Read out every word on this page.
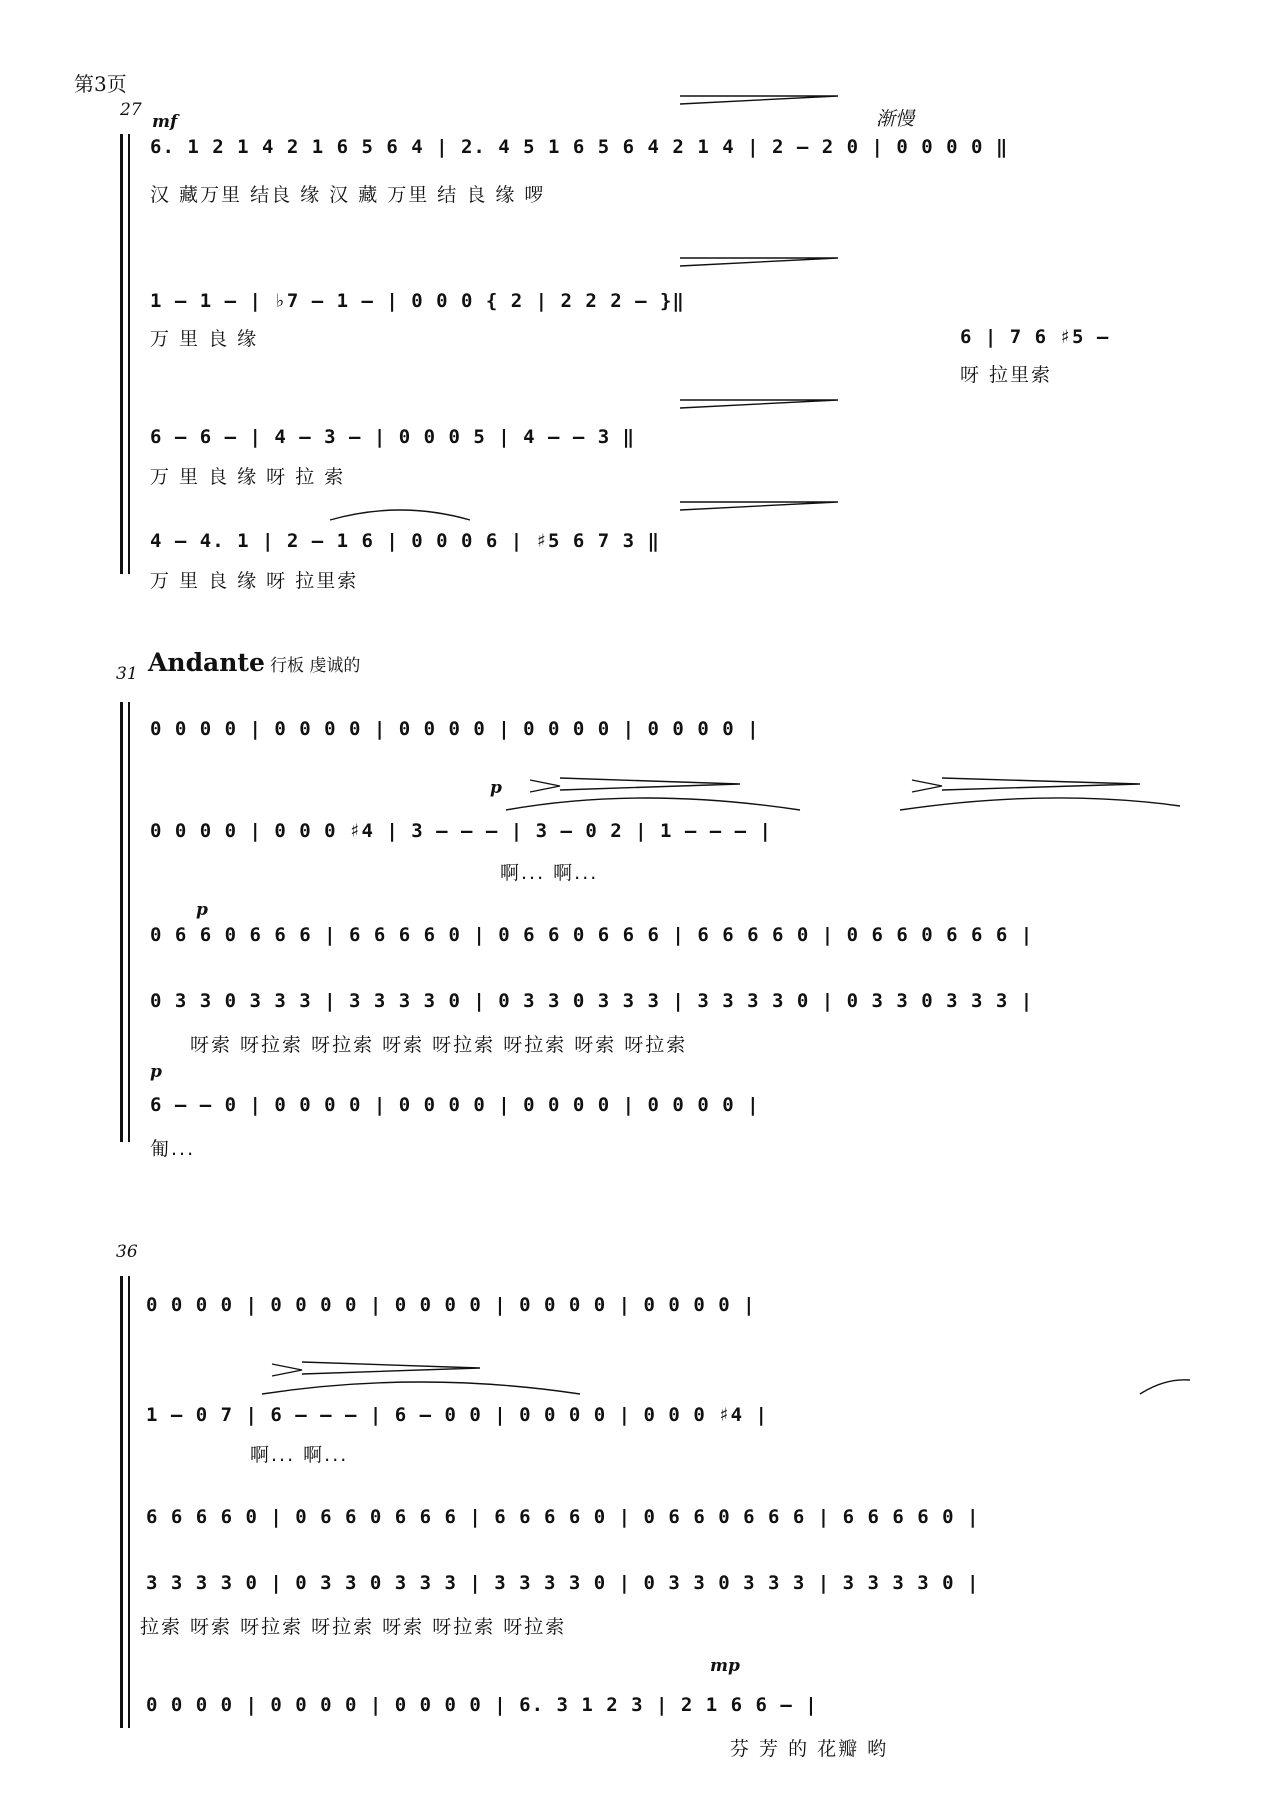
第3页
27
mf	渐慢
6. 1 2 1 4 2 1 6 5 6 4 | 2. 4 5 1 6 5 6 4 2 1 4 | 2 – 2 0 | 0 0 0 0 ‖
汉 藏万里 结良 缘 汉 藏 万里 结 良 缘 啰
1 – 1 – | ♭7 – 1 – | 0 0 0 { 2 | 2 2 2 – }‖
6 | 7 6 ♯5 –
万 里 良 缘
呀 拉里索
6 – 6 – | 4 – 3 – | 0 0 0 5 | 4 – – 3 ‖
万 里 良 缘 呀 拉 索
4 – 4. 1 | 2 – 1 6 | 0 0 0 6 | ♯5 6 7 3 ‖
万 里 良 缘 呀 拉里索
31 Andante 行板 虔诚的
0 0 0 0 | 0 0 0 0 | 0 0 0 0 | 0 0 0 0 | 0 0 0 0 |
p
0 0 0 0 | 0 0 0 ♯4 | 3 – – – | 3 – 0 2 | 1 – – – |
啊... 啊...
p
0 6 6 0 6 6 6 | 6 6 6 6 0 | 0 6 6 0 6 6 6 | 6 6 6 6 0 | 0 6 6 0 6 6 6 |
0 3 3 0 3 3 3 | 3 3 3 3 0 | 0 3 3 0 3 3 3 | 3 3 3 3 0 | 0 3 3 0 3 3 3 |
呀索 呀拉索 呀拉索 呀索 呀拉索 呀拉索 呀索 呀拉索
p
6 – – 0 | 0 0 0 0 | 0 0 0 0 | 0 0 0 0 | 0 0 0 0 |
匍...
36
0 0 0 0 | 0 0 0 0 | 0 0 0 0 | 0 0 0 0 | 0 0 0 0 |
1 – 0 7 | 6 – – – | 6 – 0 0 | 0 0 0 0 | 0 0 0 ♯4 |
啊... 啊...
6 6 6 6 0 | 0 6 6 0 6 6 6 | 6 6 6 6 0 | 0 6 6 0 6 6 6 | 6 6 6 6 0 |
3 3 3 3 0 | 0 3 3 0 3 3 3 | 3 3 3 3 0 | 0 3 3 0 3 3 3 | 3 3 3 3 0 |
拉索 呀索 呀拉索 呀拉索 呀索 呀拉索 呀拉索
mp
0 0 0 0 | 0 0 0 0 | 0 0 0 0 | 6. 3 1 2 3 | 2 1 6 6 – |
芬 芳 的 花瓣 哟
